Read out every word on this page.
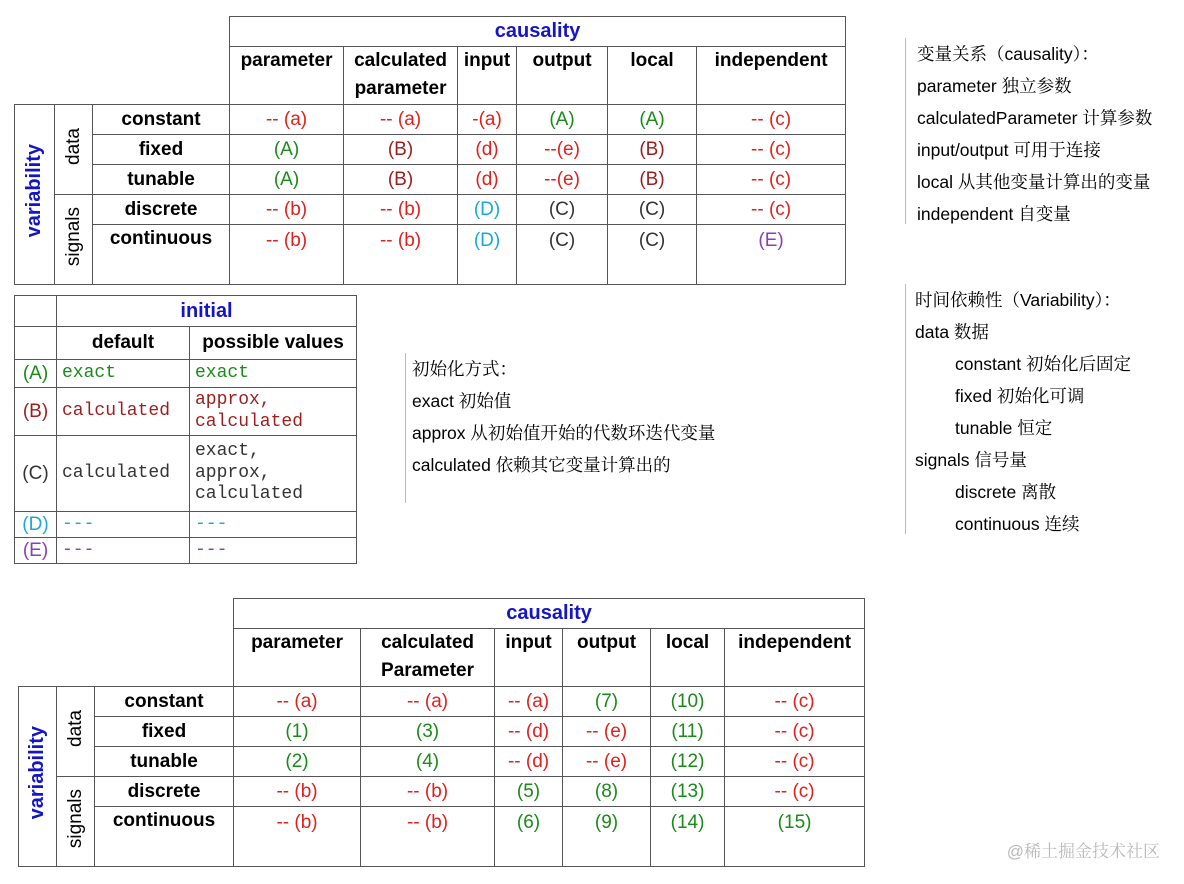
			causality					

			parameter	calculated
parameter	input	output	local	independent

variability	data	constant	-- (a)	-- (a)	-(a)	(A)	(A)	-- (c)
		fixed	(A)	(B)	(d)	--(e)	(B)	-- (c)
		tunable	(A)	(B)	(d)	--(e)	(B)	-- (c)
	signals	discrete	-- (b)	-- (b)	(D)	(C)	(C)	-- (c)
		continuous	-- (b)	-- (b)	(D)	(C)	(C)	(E)
	initial	
	default	possible values
(A)	exact	exact

(B)	calculated	approx,
calculated

(C)	calculated	exact,
approx,
calculated

(D)	---	---

(E)	---	---
			causality					

			parameter	calculated
Parameter	input	output	local	independent

variability	data	constant	-- (a)	-- (a)	-- (a)	(7)	(10)	-- (c)
		fixed	(1)	(3)	-- (d)	-- (e)	(11)	-- (c)
		tunable	(2)	(4)	-- (d)	-- (e)	(12)	-- (c)
	signals	discrete	-- (b)	-- (b)	(5)	(8)	(13)	-- (c)
		continuous	-- (b)	-- (b)	(6)	(9)	(14)	(15)
变量关系（causality）：
parameter 独立参数
calculatedParameter 计算参数
input/output 可用于连接
local 从其他变量计算出的变量
independent 自变量
时间依赖性（Variability）：
data 数据
constant 初始化后固定
fixed 初始化可调
tunable 恒定
signals 信号量
discrete 离散
continuous 连续
初始化方式：
exact 初始值
approx 从初始值开始的代数环迭代变量
calculated 依赖其它变量计算出的
@稀土掘金技术社区
